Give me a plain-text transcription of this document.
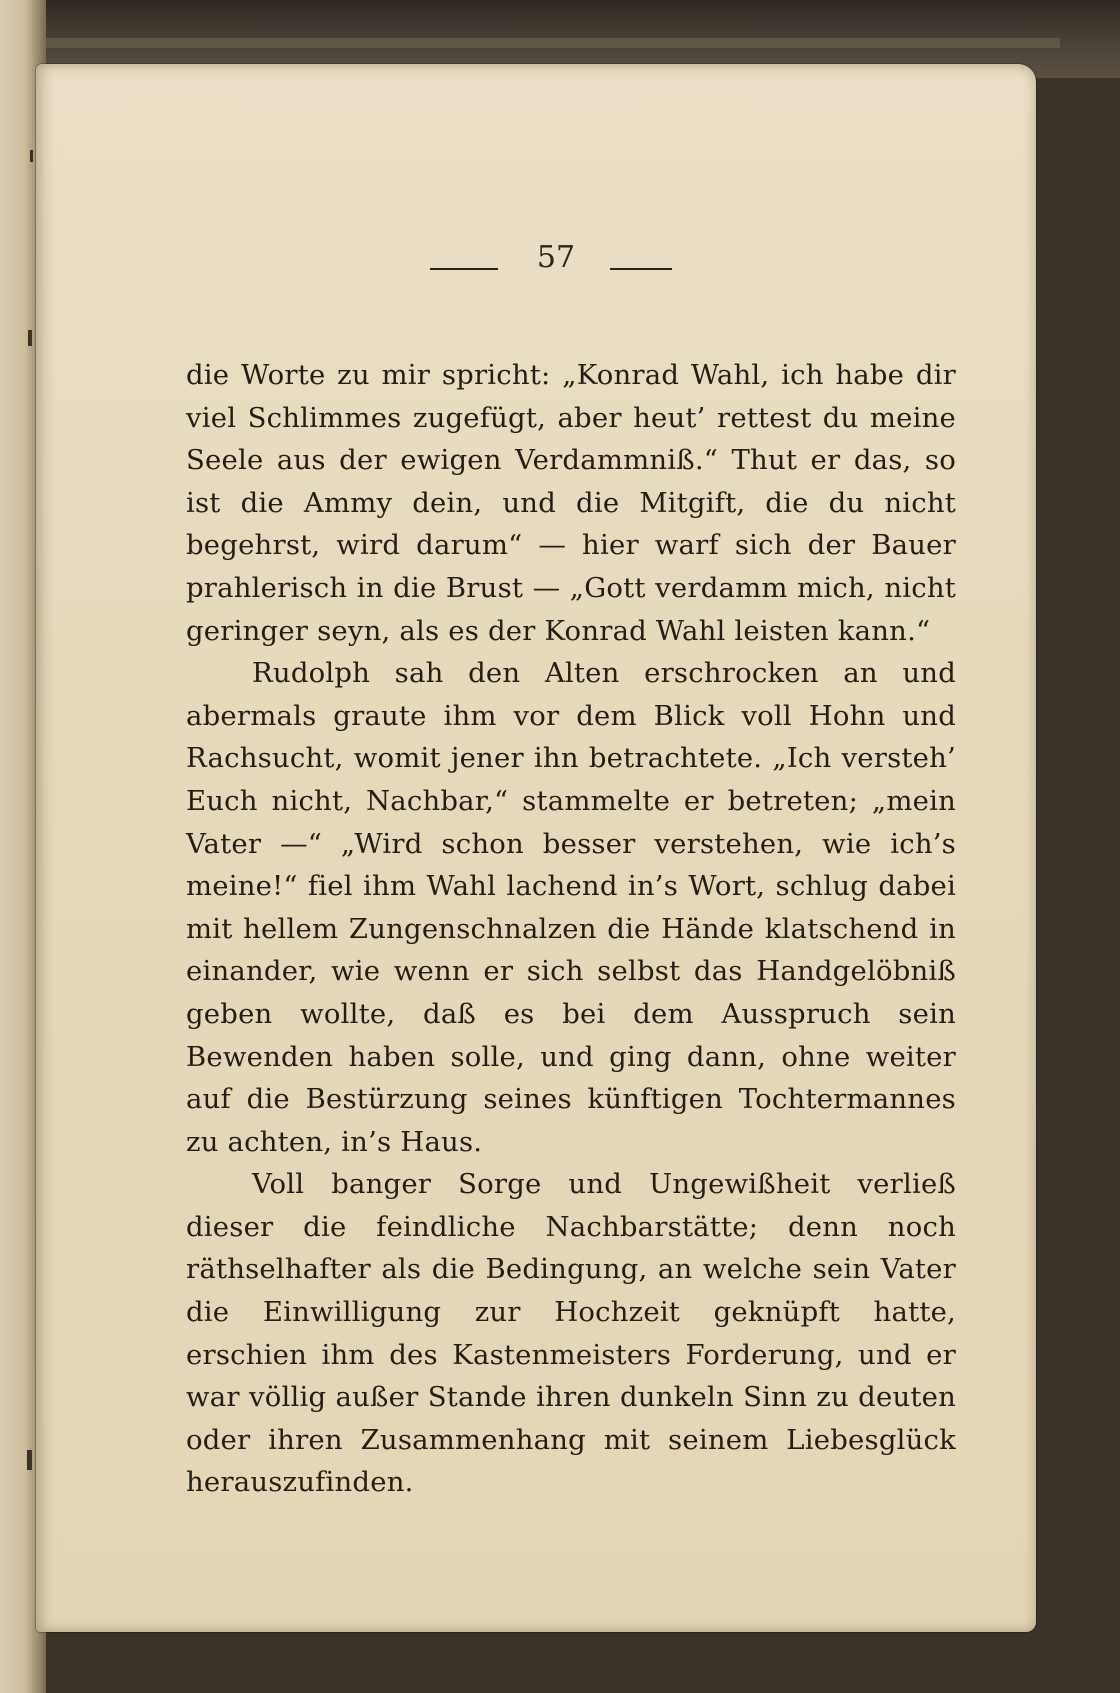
57

die Worte zu mir spricht: „Konrad Wahl, ich habe dir viel Schlimmes zugefügt, aber heut’ rettest du meine Seele aus der ewigen Verdammniß.“ Thut er das, so ist die Ammy dein, und die Mitgift, die du nicht begehrst, wird darum“ — hier warf sich der Bauer prahlerisch in die Brust — „Gott verdamm mich, nicht geringer seyn, als es der Konrad Wahl leisten kann.“

Rudolph sah den Alten erschrocken an und abermals graute ihm vor dem Blick voll Hohn und Rachsucht, womit jener ihn betrachtete. „Ich versteh’ Euch nicht, Nachbar,“ stammelte er betreten; „mein Vater —“ „Wird schon besser verstehen, wie ich’s meine!“ fiel ihm Wahl lachend in’s Wort, schlug dabei mit hellem Zungenschnalzen die Hände klatschend in einander, wie wenn er sich selbst das Handgelöbniß geben wollte, daß es bei dem Ausspruch sein Bewenden haben solle, und ging dann, ohne weiter auf die Bestürzung seines künftigen Tochtermannes zu achten, in’s Haus.

Voll banger Sorge und Ungewißheit verließ dieser die feindliche Nachbarstätte; denn noch räthselhafter als die Bedingung, an welche sein Vater die Einwilligung zur Hochzeit geknüpft hatte, erschien ihm des Kastenmeisters Forderung, und er war völlig außer Stande ihren dunkeln Sinn zu deuten oder ihren Zusammenhang mit seinem Liebesglück herauszufinden.
